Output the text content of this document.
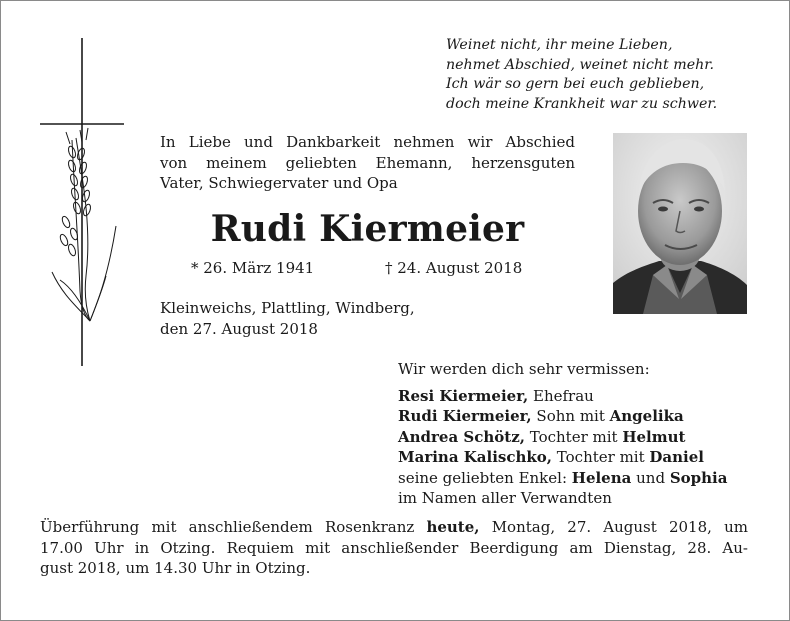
Weinet nicht, ihr meine Lieben,
nehmet Abschied, weinet nicht mehr.
Ich wär so gern bei euch geblieben,
doch meine Krankheit war zu schwer.
In Liebe und Dankbarkeit nehmen wir Abschied
von meinem geliebten Ehemann, herzensguten
Vater, Schwiegervater und Opa
Rudi Kiermeier
* 26. März 1941	† 24. August 2018
Kleinweichs, Plattling, Windberg,
den 27. August 2018
Wir werden dich sehr vermissen:
Resi Kiermeier, Ehefrau
Rudi Kiermeier, Sohn mit Angelika
Andrea Schötz, Tochter mit Helmut
Marina Kalischko, Tochter mit Daniel
seine geliebten Enkel: Helena und Sophia
im Namen aller Verwandten
Überführung mit anschließendem Rosenkranz heute, Montag, 27. August 2018, um
17.00 Uhr in Otzing. Requiem mit anschließender Beerdigung am Dienstag, 28. Au-
gust 2018, um 14.30 Uhr in Otzing.
